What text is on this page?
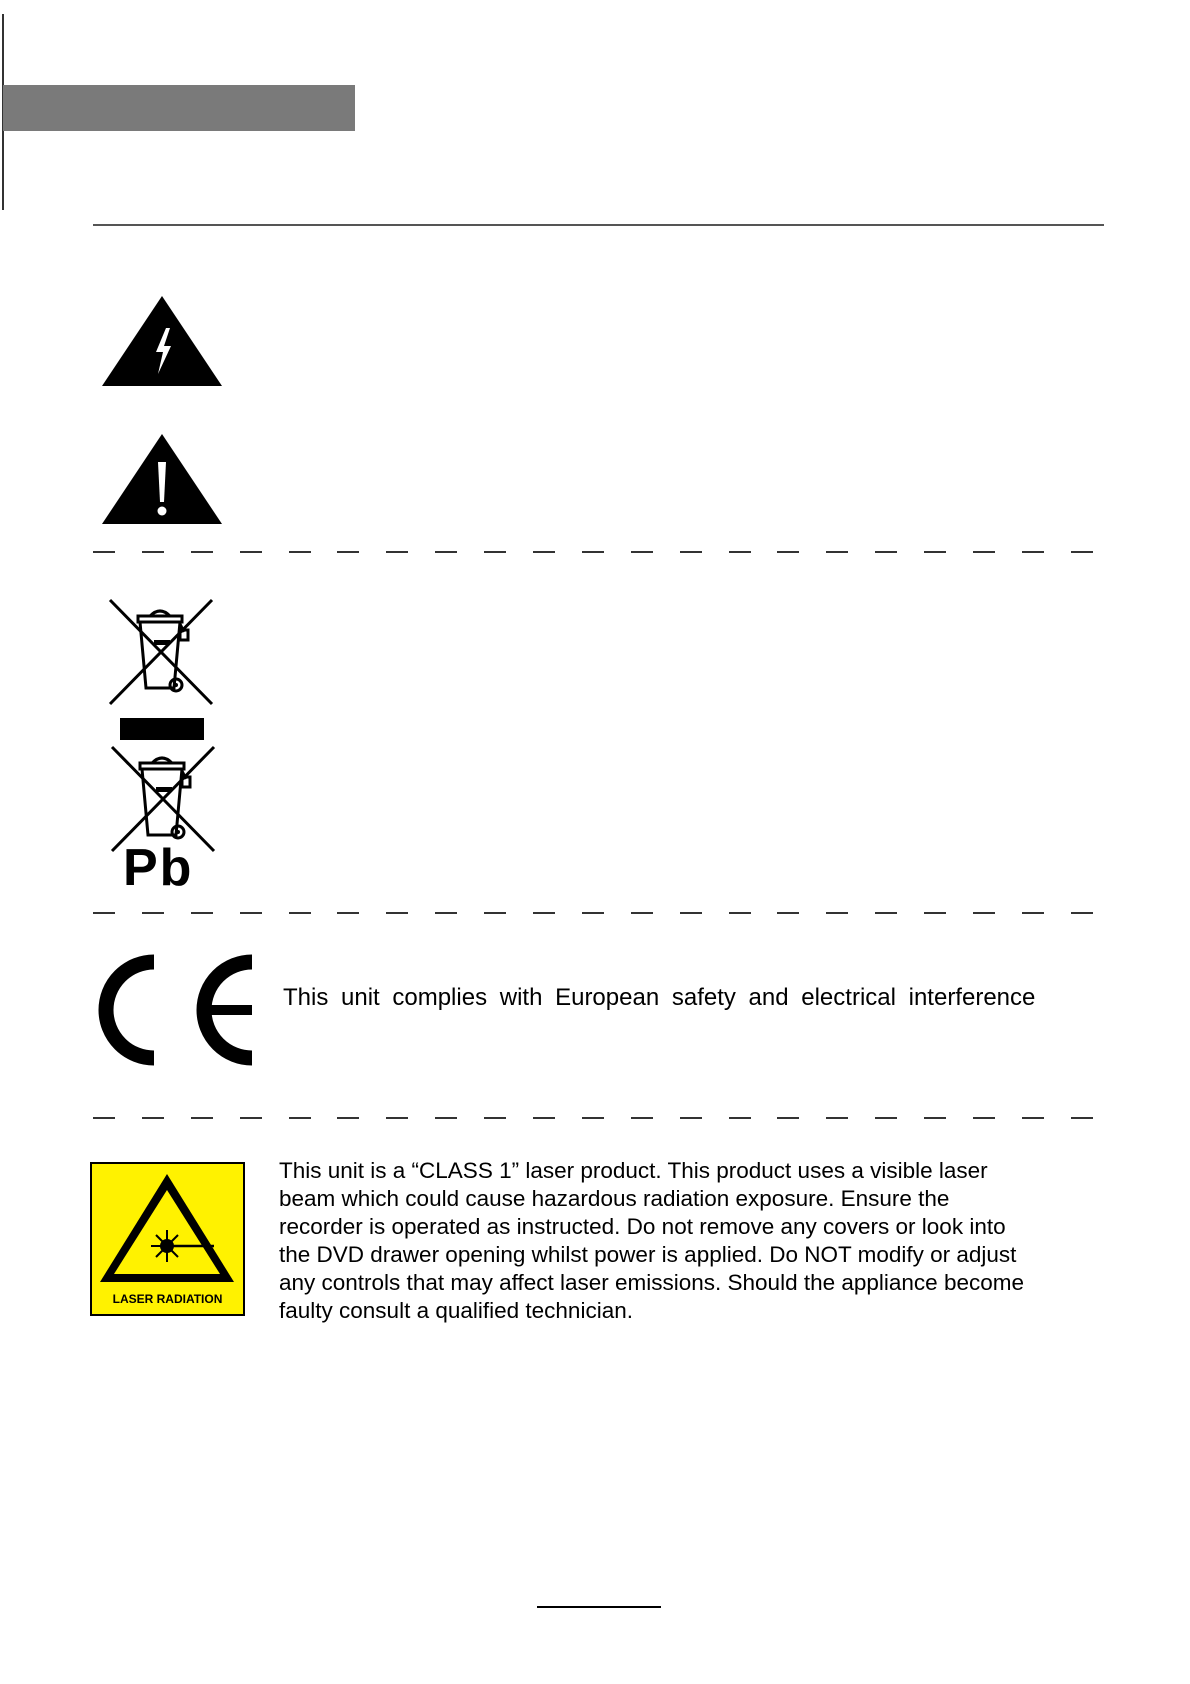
Pb
This unit complies with European safety and electrical interference
LASER RADIATION
This unit is a “CLASS 1” laser product. This product uses a visible laser
beam which could cause hazardous radiation exposure. Ensure the
recorder is operated as instructed. Do not remove any covers or look into
the DVD drawer opening whilst power is applied. Do NOT modify or adjust
any controls that may affect laser emissions. Should the appliance become
faulty consult a qualified technician.
